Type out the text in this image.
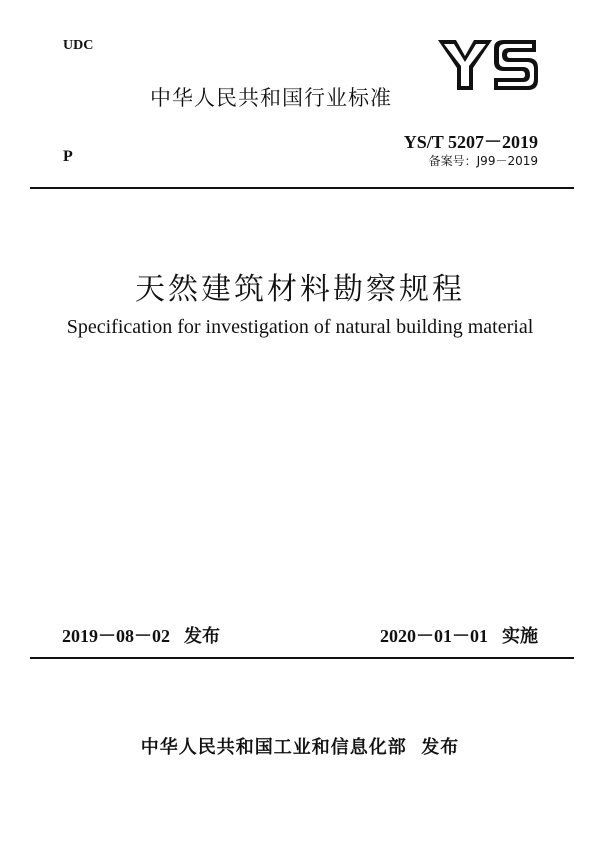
UDC
中华人民共和国行业标准
YS/T 5207－2019
P	备案号：J99－2019
天然建筑材料勘察规程
Specification for investigation of natural building material
2019－08－02 发布	2020－01－01 实施
中华人民共和国工业和信息化部  发布
